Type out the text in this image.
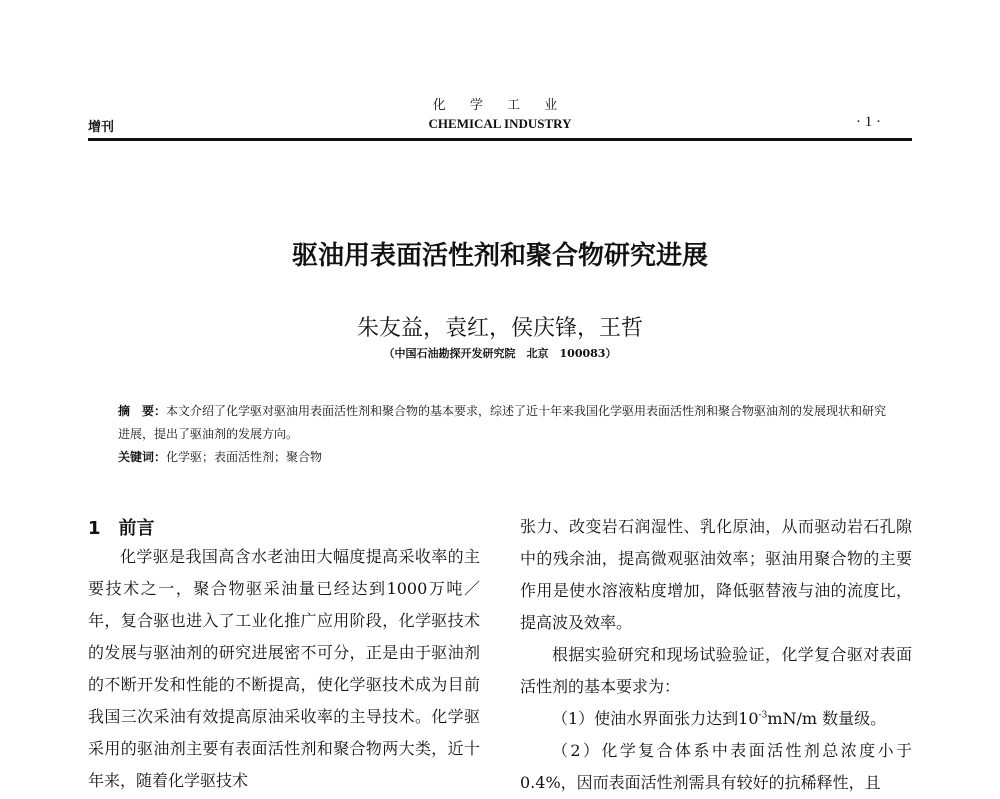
化 学 工 业
增刊	CHEMICAL INDUSTRY	· 1 ·
驱油用表面活性剂和聚合物研究进展
朱友益，袁红，侯庆锋，王哲
（中国石油勘探开发研究院　北京　100083）

摘　要：本文介绍了化学驱对驱油用表面活性剂和聚合物的基本要求，综述了近十年来我国化学驱用表面活性剂和聚合物驱油剂的发展现状和研究进展，提出了驱油剂的发展方向。

关键词：化学驱；表面活性剂；聚合物

1　前言

化学驱是我国高含水老油田大幅度提高采收率的主要技术之一，聚合物驱采油量已经达到1000万吨／年，复合驱也进入了工业化推广应用阶段，化学驱技术的发展与驱油剂的研究进展密不可分，正是由于驱油剂的不断开发和性能的不断提高，使化学驱技术成为目前我国三次采油有效提高原油采收率的主导技术。化学驱采用的驱油剂主要有表面活性剂和聚合物两大类，近十年来，随着化学驱技术

张力、改变岩石润湿性、乳化原油，从而驱动岩石孔隙中的残余油，提高微观驱油效率；驱油用聚合物的主要作用是使水溶液粘度增加，降低驱替液与油的流度比，提高波及效率。

根据实验研究和现场试验验证，化学复合驱对表面活性剂的基本要求为：

（1）使油水界面张力达到$10^{-3}mN/m$ 数量级。

（2）化学复合体系中表面活性剂总浓度小于0.4%，因而表面活性剂需具有较好的抗稀释性，且
